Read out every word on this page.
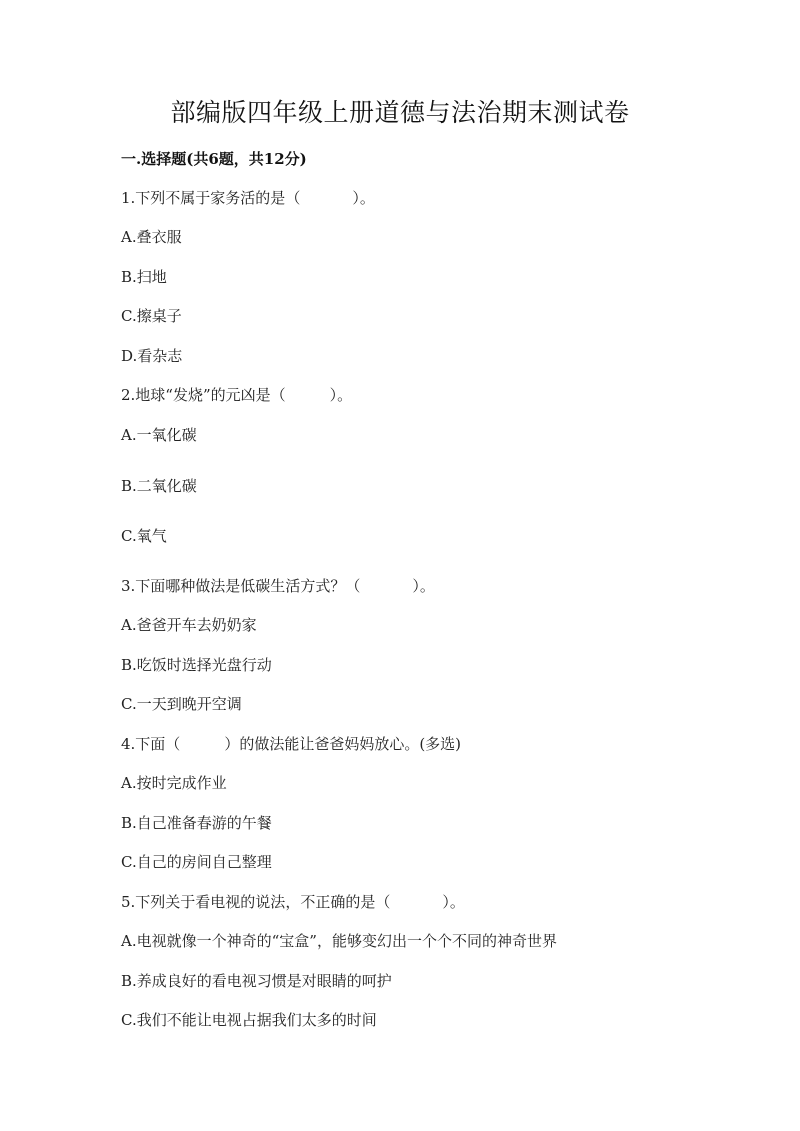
部编版四年级上册道德与法治期末测试卷
一.选择题(共6题，共12分)
1.下列不属于家务活的是（	）。
A.叠衣服
B.扫地
C.擦桌子
D.看杂志
2.地球“发烧”的元凶是（	）。
A.一氧化碳
B.二氧化碳
C.氧气
3.下面哪种做法是低碳生活方式？（	）。
A.爸爸开车去奶奶家
B.吃饭时选择光盘行动
C.一天到晚开空调
4.下面（	）的做法能让爸爸妈妈放心。(多选)
A.按时完成作业
B.自己准备春游的午餐
C.自己的房间自己整理
5.下列关于看电视的说法，不正确的是（	）。
A.电视就像一个神奇的“宝盒”，能够变幻出一个个不同的神奇世界
B.养成良好的看电视习惯是对眼睛的呵护
C.我们不能让电视占据我们太多的时间
